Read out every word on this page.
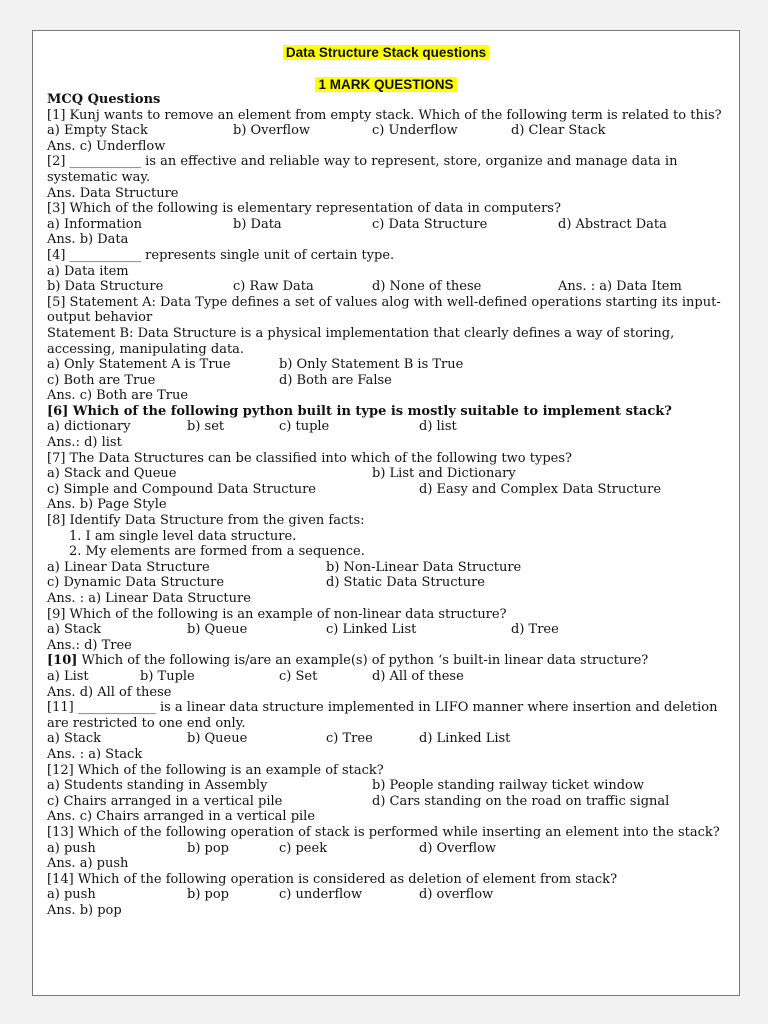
Data Structure Stack questions
1 MARK QUESTIONS
MCQ Questions
[1] Kunj wants to remove an element from empty stack. Which of the following term is related to this?
a) Empty Stack	b) Overflow	c) Underflow	d) Clear Stack
Ans. c) Underflow
[2] ___________ is an effective and reliable way to represent, store, organize and manage data in systematic way.
Ans. Data Structure
[3] Which of the following is elementary representation of data in computers?
a) Information	b) Data	c) Data Structure	d) Abstract Data
Ans. b) Data
[4] ___________ represents single unit of certain type.
a) Data item
b) Data Structure	c) Raw Data	d) None of these	Ans. : a) Data Item
[5] Statement A: Data Type defines a set of values alog with well-defined operations starting its input-output behavior
Statement B: Data Structure is a physical implementation that clearly defines a way of storing, accessing, manipulating data.
a) Only Statement A is True	b) Only Statement B is True
c) Both are True	d) Both are False
Ans. c) Both are True
[6] Which of the following python built in type is mostly suitable to implement stack?
a) dictionary	b) set	c) tuple	d) list
Ans.: d) list
[7] The Data Structures can be classified into which of the following two types?
a) Stack and Queue	b) List and Dictionary
c) Simple and Compound Data Structure	d) Easy and Complex Data Structure
Ans. b) Page Style
[8] Identify Data Structure from the given facts:
1. I am single level data structure.
2. My elements are formed from a sequence.
a) Linear Data Structure	b) Non-Linear Data Structure
c) Dynamic Data Structure	d) Static Data Structure
Ans. : a) Linear Data Structure
[9] Which of the following is an example of non-linear data structure?
a) Stack	b) Queue	c) Linked List	d) Tree
Ans.: d) Tree
[10] Which of the following is/are an example(s) of python ‘s built-in linear data structure?
a) List	b) Tuple	c) Set	d) All of these
Ans. d) All of these
[11] ____________ is a linear data structure implemented in LIFO manner where insertion and deletion are restricted to one end only.
a) Stack	b) Queue	c) Tree	d) Linked List
Ans. : a) Stack
[12] Which of the following is an example of stack?
a) Students standing in Assembly	b) People standing railway ticket window
c) Chairs arranged in a vertical pile	d) Cars standing on the road on traffic signal
Ans. c) Chairs arranged in a vertical pile
[13] Which of the following operation of stack is performed while inserting an element into the stack?
a) push	b) pop	c) peek	d) Overflow
Ans. a) push
[14] Which of the following operation is considered as deletion of element from stack?
a) push	b) pop	c) underflow	d) overflow
Ans. b) pop
